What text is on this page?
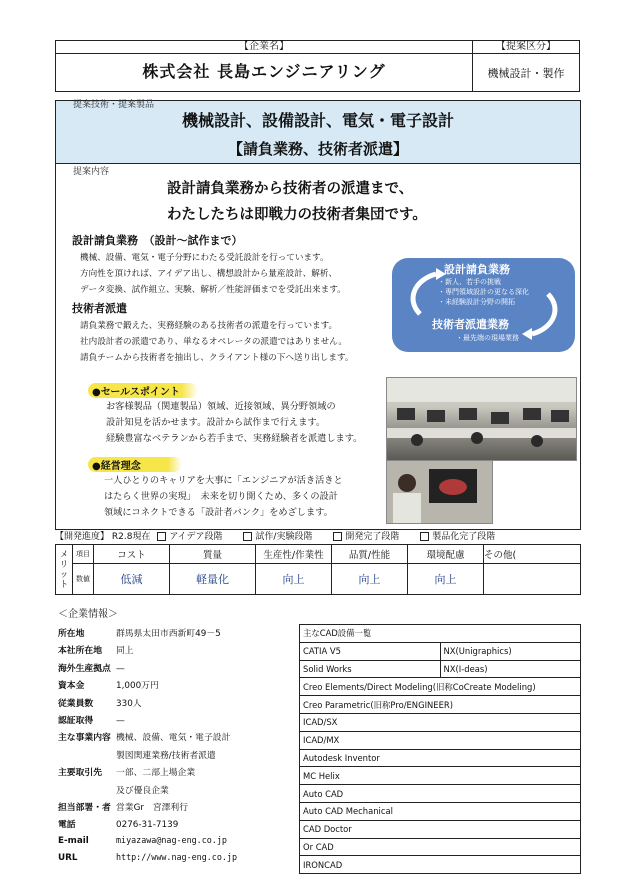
【企業名】
株式会社 長島エンジニアリング
【提案区分】
機械設計・製作
提案技術・提案製品
機械設計、設備設計、電気・電子設計
【請負業務、技術者派遣】
提案内容
設計請負業務から技術者の派遣まで、
わたしたちは即戦力の技術者集団です。
設計請負業務　（設計～試作まで）
機械、設備、電気・電子分野にわたる受託設計を行っています。
方向性を頂ければ、アイデア出し、構想設計から量産設計、解析、
データ変換、試作組立、実験、解析／性能評価までを受託出来ます。
技術者派遣
請負業務で鍛えた、実務経験のある技術者の派遣を行っています。
社内設計者の派遣であり、単なるオペレータの派遣ではありません。
請負チームから技術者を抽出し、クライアント様の下へ送り出します。
設計請負業務
・新人、若手の挑戦
・専門領域設計の更なる深化
・未経験設計分野の開拓
技術者派遣業務
・最先端の現場業務
●セールスポイント
お客様製品（関連製品）領域、近接領域、異分野領域の
設計知見を活かせます。設計から試作まで行えます。
経験豊富なベテランから若手まで、実務経験者を派遣します。
●経営理念
一人ひとりのキャリアを大事に「エンジニアが活き活きと
はたらく世界の実現」　未来を切り開くため、多くの設計
領域にコネクトできる「設計者バンク」をめざします。
【開発進度】 R2.8現在 アイデア段階	試作/実験段階	開発完了段階	製品化完了段階
メリット	項目	コスト	質量	生産性/作業性	品質/性能	環境配慮	その他(
	数値	低減	軽量化	向上	向上	向上	
＜企業情報＞
所在地	群馬県太田市西新町49－5
本社所在地 同上
海外生産拠点 —
資本金	1,000万円
従業員数	330人
認証取得	—
主な事業内容 機械、設備、電気・電子設計
製図関連業務/技術者派遣
主要取引先 一部、二部上場企業
及び優良企業
担当部署・者 営業Gr　宮澤利行
電話	0276-31-7139
E-mail	miyazawa@nag-eng.co.jp
URL	http://www.nag-eng.co.jp
主なCAD設備一覧	
CATIA V5	NX(Unigraphics)
Solid Works	NX(I-deas)
Creo Elements/Direct Modeling(旧称CoCreate Modeling)	
Creo Parametric(旧称Pro/ENGINEER)	
ICAD/SX	
ICAD/MX	
Autodesk Inventor	
MC Helix	
Auto CAD	
Auto CAD Mechanical	
CAD Doctor	
Or CAD	
IRONCAD	
